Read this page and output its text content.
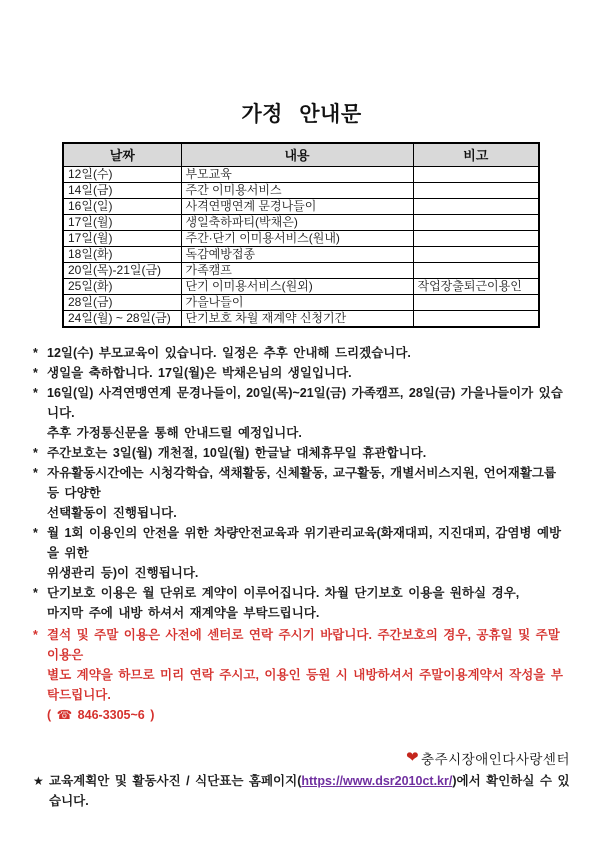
가정 안내문
날짜	내용	비고
12일(수)	부모교육	
14일(금)	주간 이미용서비스	
16일(일)	사격연맹연계 문경나들이	
17일(월)	생일축하파티(박채은)	
17일(월)	주간·단기 이미용서비스(원내)	
18일(화)	독감예방접종	
20일(목)-21일(금)	가족캠프	
25일(화)	단기 이미용서비스(원외)	작업장출퇴근이용인
28일(금)	가을나들이	
24일(월) ~ 28일(금)	단기보호 차월 재계약 신청기간	
* 12일(수) 부모교육이 있습니다. 일정은 추후 안내해 드리겠습니다.
* 생일을 축하합니다. 17일(월)은 박채은님의 생일입니다.
* 16일(일) 사격연맹연계 문경나들이, 20일(목)~21일(금) 가족캠프, 28일(금) 가을나들이가 있습니다.
추후 가정통신문을 통해 안내드릴 예정입니다.
* 주간보호는 3일(월) 개천절, 10일(월) 한글날 대체휴무일 휴관합니다.
* 자유활동시간에는 시청각학습, 색채활동, 신체활동, 교구활동, 개별서비스지원, 언어재활그룹 등 다양한
선택활동이 진행됩니다.
* 월 1회 이용인의 안전을 위한 차량안전교육과 위기관리교육(화재대피, 지진대피, 감염병 예방을 위한
위생관리 등)이 진행됩니다.
* 단기보호 이용은 월 단위로 계약이 이루어집니다. 차월 단기보호 이용을 원하실 경우,
마지막 주에 내방 하셔서 재계약을 부탁드립니다.
* 결석 및 주말 이용은 사전에 센터로 연락 주시기 바랍니다. 주간보호의 경우, 공휴일 및 주말이용은
별도 계약을 하므로 미리 연락 주시고, 이용인 등원 시 내방하셔서 주말이용계약서 작성을 부탁드립니다.
( ☎ 846-3305~6 )
★ 교육계획안 및 활동사진 / 식단표는 홈페이지(https://www.dsr2010ct.kr/)에서 확인하실 수 있습니다.
❤ 충주시장애인다사랑센터
